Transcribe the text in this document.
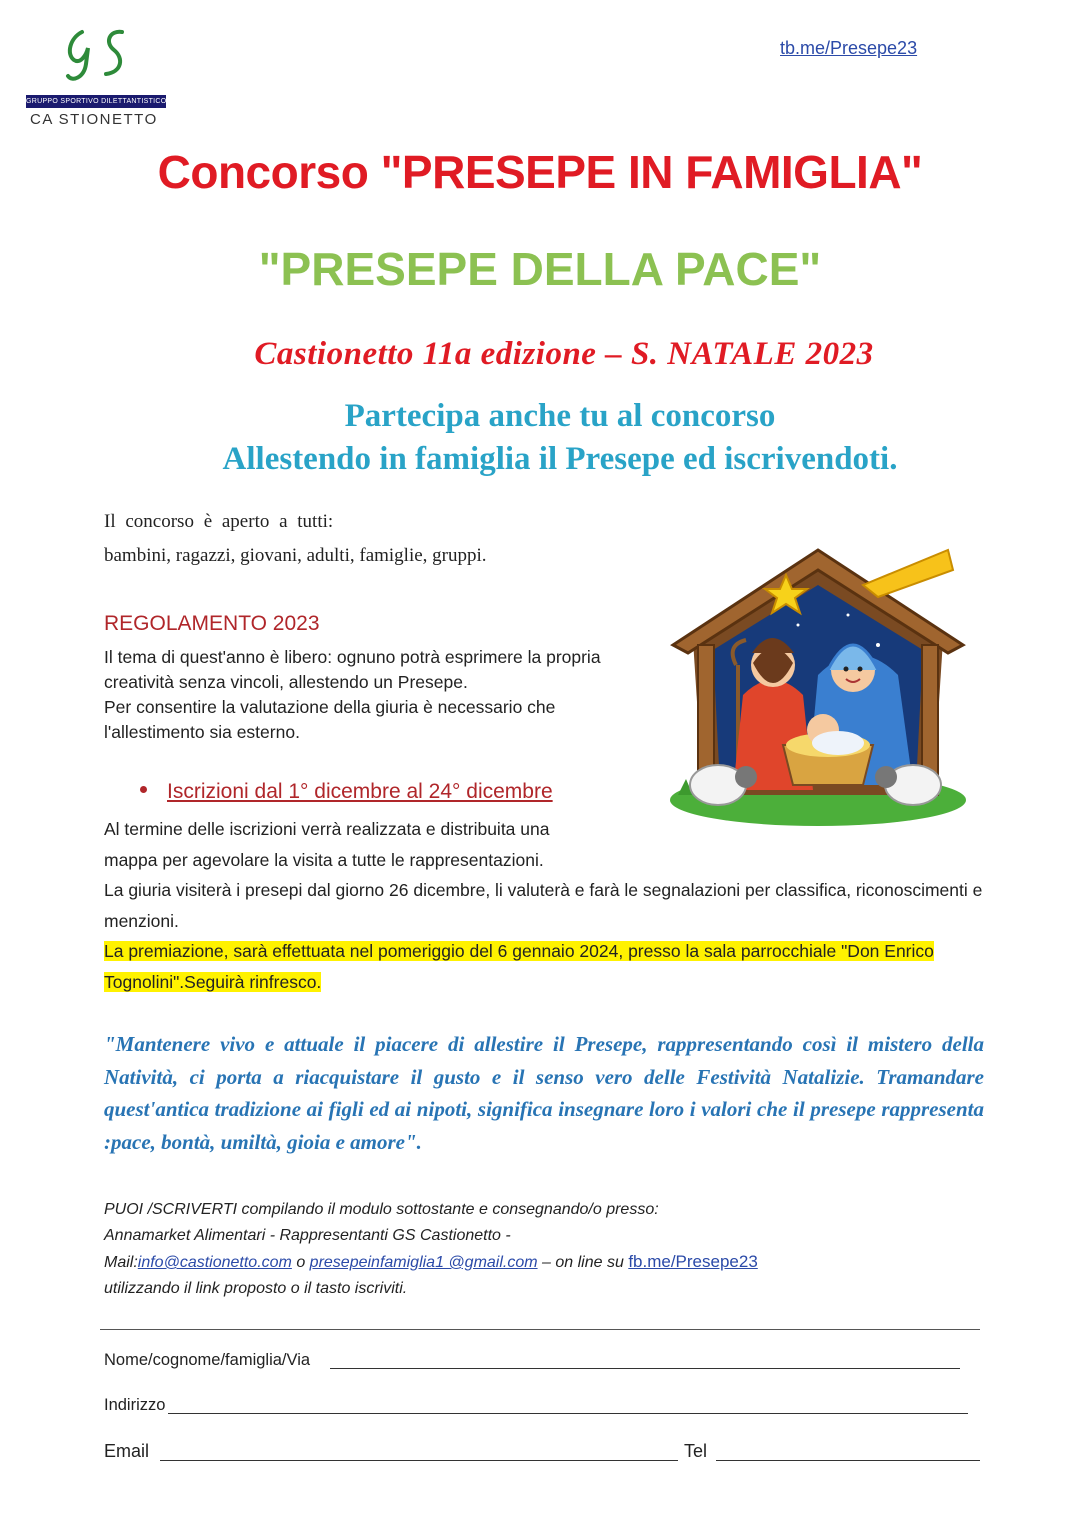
GRUPPO SPORTIVO DILETTANTISTICO
CA STIONETTO
tb.me/Presepe23
Concorso "PRESEPE IN FAMIGLIA"
"PRESEPE DELLA PACE"
Castionetto 11a edizione – S. NATALE 2023
Partecipa anche tu al concorso
Allestendo in famiglia il Presepe ed iscrivendoti.
Il concorso è aperto a tutti:
bambini, ragazzi, giovani, adulti, famiglie, gruppi.
REGOLAMENTO 2023

Il tema di quest'anno è libero: ognuno potrà esprimere la propria creatività senza vincoli, allestendo un Presepe.

Per consentire la valutazione della giuria è necessario che l'allestimento sia esterno.

Iscrizioni dal 1° dicembre al 24° dicembre

Al termine delle iscrizioni verrà realizzata e distribuita una

mappa per agevolare la visita a tutte le rappresentazioni.

La giuria visiterà i presepi dal giorno 26 dicembre, li valuterà e farà le segnalazioni per classifica, riconoscimenti e menzioni.

La premiazione, sarà effettuata nel pomeriggio del 6 gennaio 2024, presso la sala parrocchiale "Don Enrico Tognolini".Seguirà rinfresco.

"Mantenere vivo e attuale il piacere di allestire il Presepe, rappresentando così il mistero della Natività, ci porta a riacquistare il gusto e il senso vero delle Festività Natalizie. Tramandare quest'antica tradizione ai figli ed ai nipoti, significa insegnare loro i valori che il presepe rappresenta :pace, bontà, umiltà, gioia e amore".

PUOI /SCRIVERTI compilando il modulo sottostante e consegnando/o presso:

Annamarket Alimentari - Rappresentanti GS Castionetto -

Mail:info@castionetto.com o presepeinfamiglia1 @gmail.com – on line su fb.me/Presepe23

utilizzando il link proposto o il tasto iscriviti.

Nome/cognome/famiglia/Via
Indirizzo
Email	Tel
